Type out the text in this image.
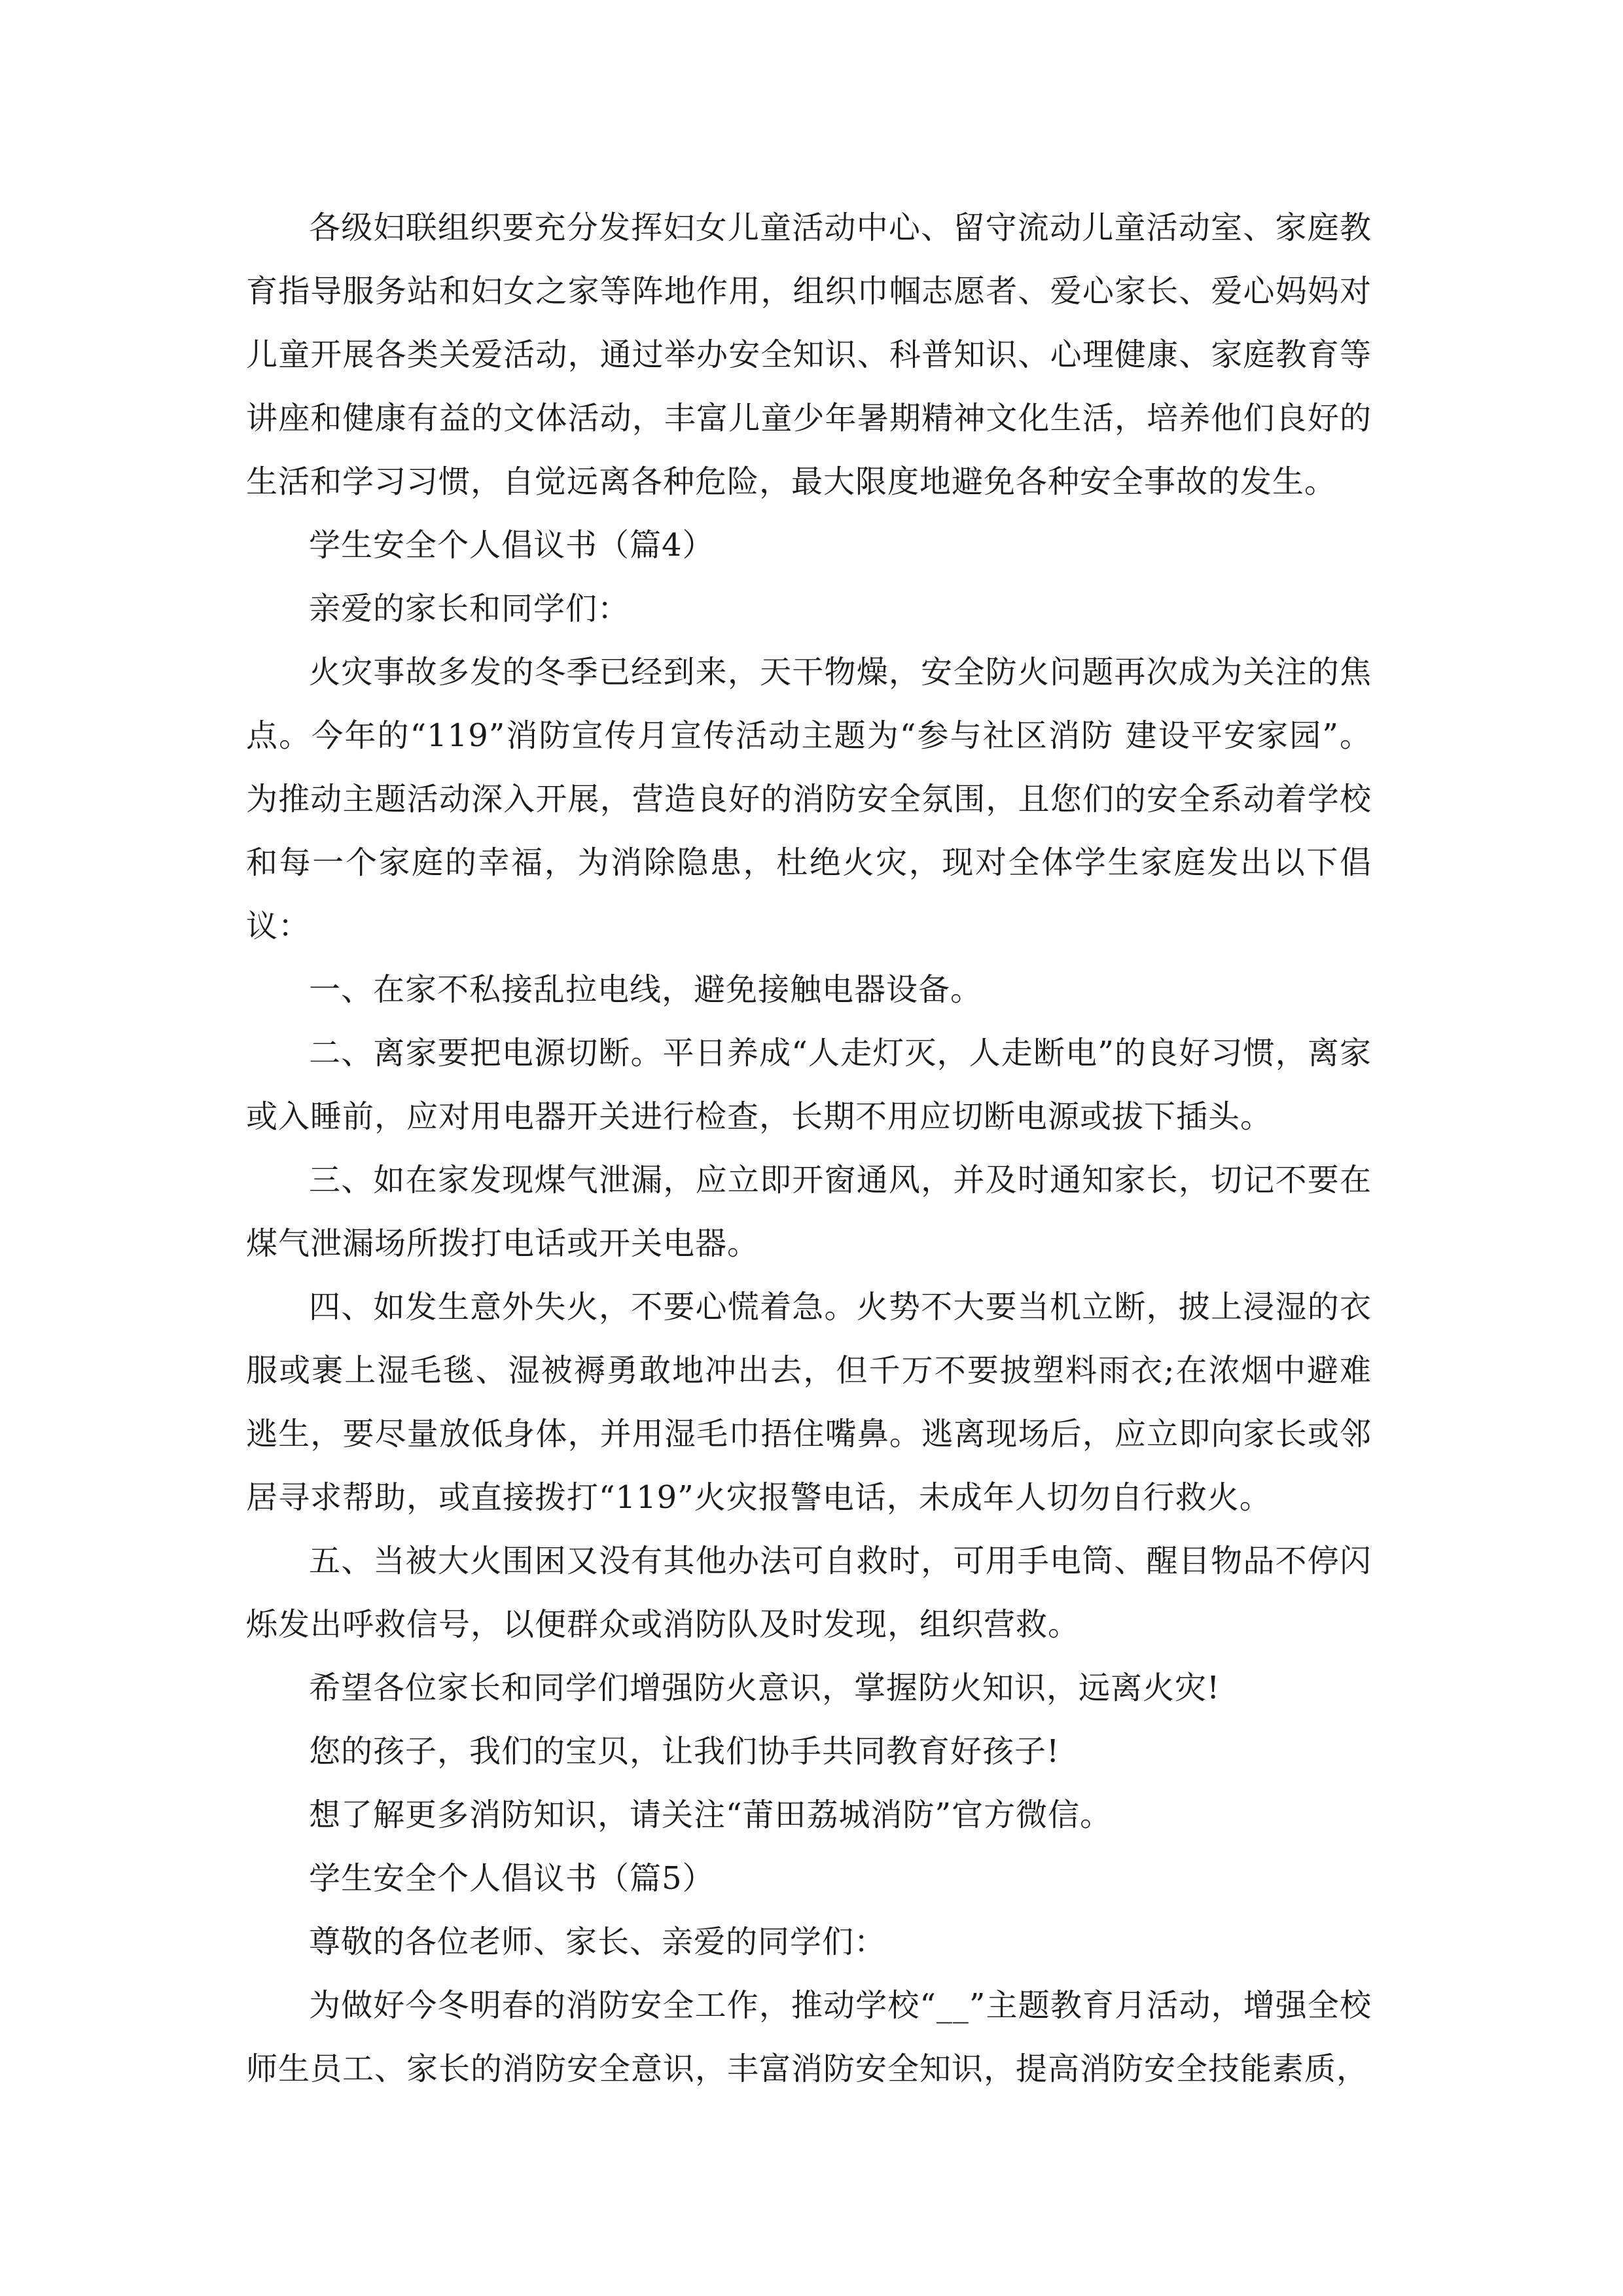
各级妇联组织要充分发挥妇女儿童活动中心、留守流动儿童活动室、家庭教育指导服务站和妇女之家等阵地作用，组织巾帼志愿者、爱心家长、爱心妈妈对儿童开展各类关爱活动，通过举办安全知识、科普知识、心理健康、家庭教育等讲座和健康有益的文体活动，丰富儿童少年暑期精神文化生活，培养他们良好的生活和学习习惯，自觉远离各种危险，最大限度地避免各种安全事故的发生。

学生安全个人倡议书（篇4）

亲爱的家长和同学们：

火灾事故多发的冬季已经到来，天干物燥，安全防火问题再次成为关注的焦点。今年的“119”消防宣传月宣传活动主题为“参与社区消防 建设平安家园”。为推动主题活动深入开展，营造良好的消防安全氛围，且您们的安全系动着学校和每一个家庭的幸福，为消除隐患，杜绝火灾，现对全体学生家庭发出以下倡议：

一、在家不私接乱拉电线，避免接触电器设备。

二、离家要把电源切断。平日养成“人走灯灭，人走断电”的良好习惯，离家或入睡前，应对用电器开关进行检查，长期不用应切断电源或拔下插头。

三、如在家发现煤气泄漏，应立即开窗通风，并及时通知家长，切记不要在煤气泄漏场所拨打电话或开关电器。

四、如发生意外失火，不要心慌着急。火势不大要当机立断，披上浸湿的衣服或裹上湿毛毯、湿被褥勇敢地冲出去，但千万不要披塑料雨衣;在浓烟中避难逃生，要尽量放低身体，并用湿毛巾捂住嘴鼻。逃离现场后，应立即向家长或邻居寻求帮助，或直接拨打“119”火灾报警电话，未成年人切勿自行救火。

五、当被大火围困又没有其他办法可自救时，可用手电筒、醒目物品不停闪烁发出呼救信号，以便群众或消防队及时发现，组织营救。

希望各位家长和同学们增强防火意识，掌握防火知识，远离火灾!

您的孩子，我们的宝贝，让我们协手共同教育好孩子!

想了解更多消防知识，请关注“莆田荔城消防”官方微信。

学生安全个人倡议书（篇5）

尊敬的各位老师、家长、亲爱的同学们：

为做好今冬明春的消防安全工作，推动学校“__”主题教育月活动，增强全校师生员工、家长的消防安全意识，丰富消防安全知识，提高消防安全技能素质，
